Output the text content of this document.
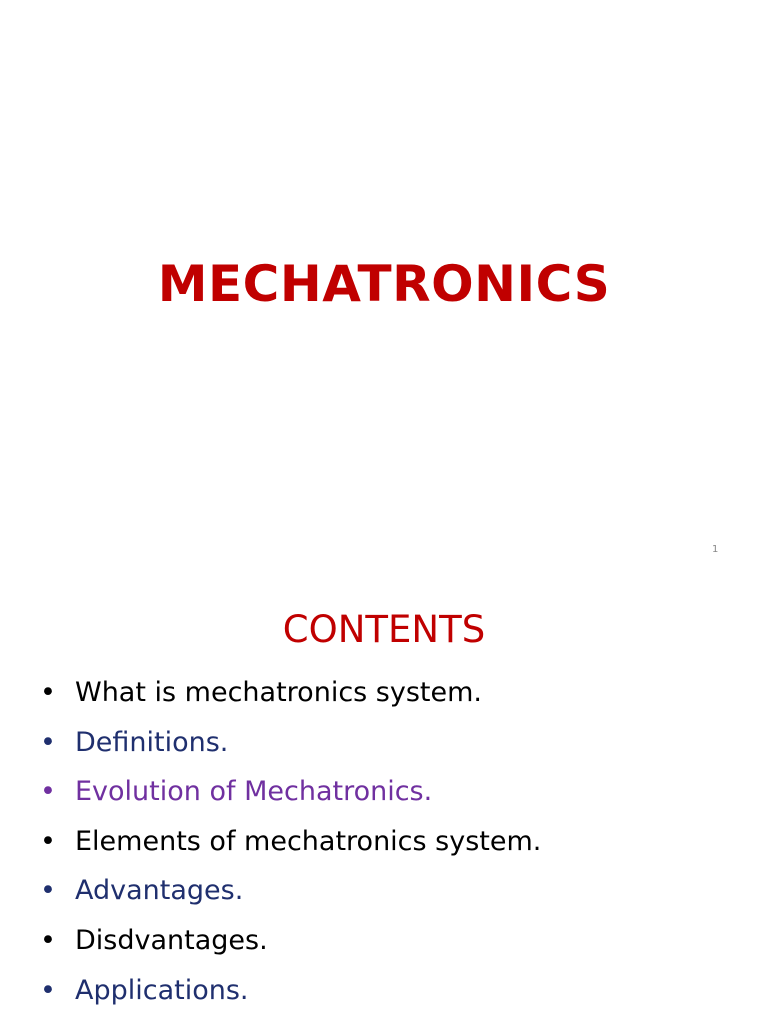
MECHATRONICS
1
CONTENTS
• What is mechatronics system.
• Definitions.
• Evolution of Mechatronics.
• Elements of mechatronics system.
• Advantages.
• Disdvantages.
• Applications.
